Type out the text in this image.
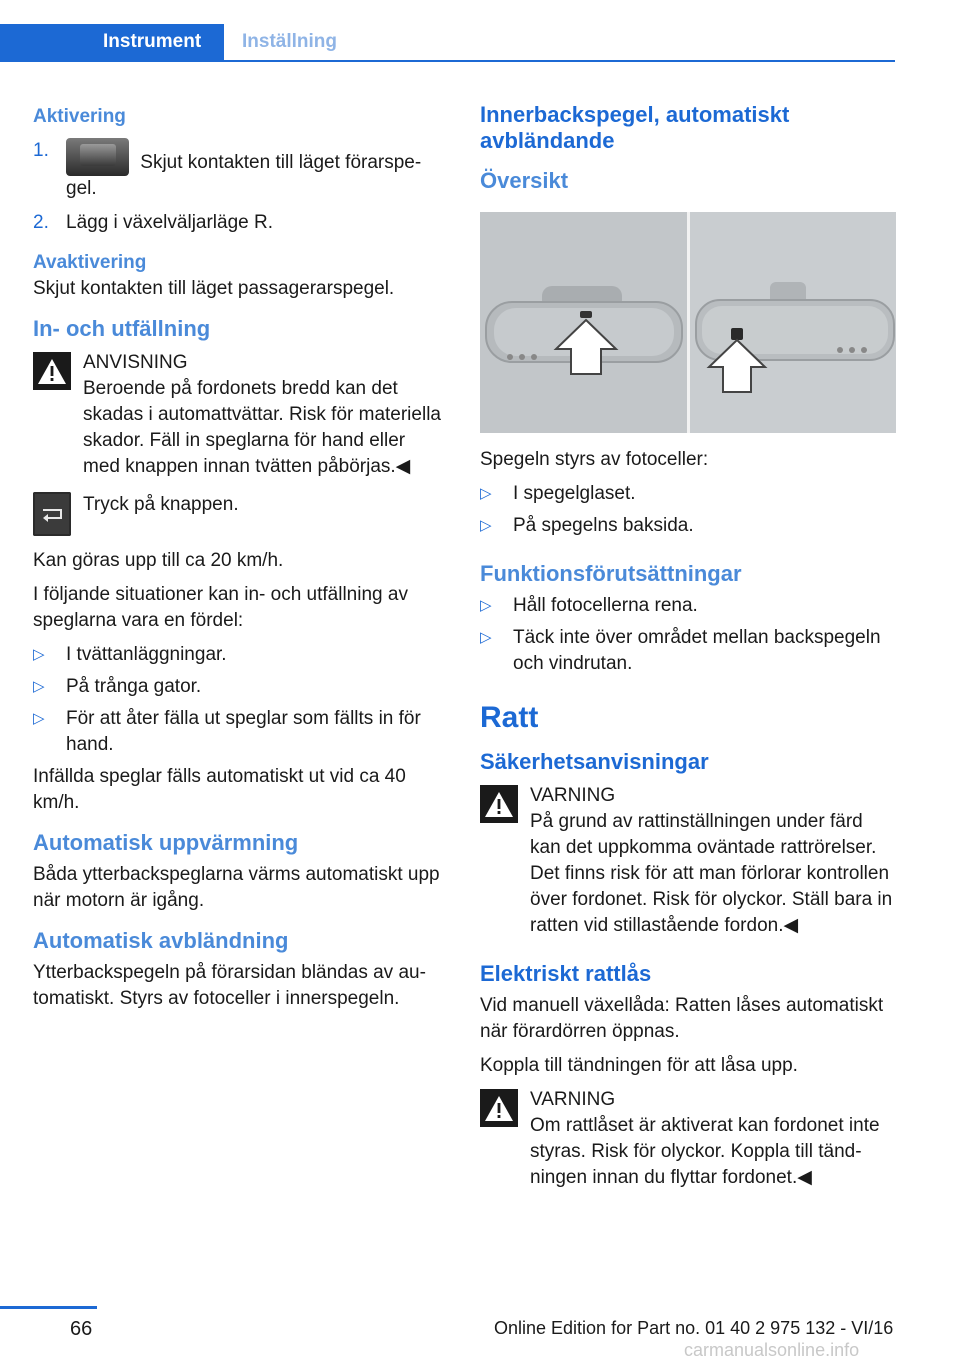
Instrument	Inställning
Aktivering
1.
Skjut kontakten till läget förarspegel.
2. Lägg i växelväljarläge R.
Avaktivering
Skjut kontakten till läget passagerarspegel.
In- och utfällning
ANVISNING
Beroende på fordonets bredd kan det skadas i automattvättar. Risk för materiella skador. Fäll in speglarna för hand eller med knappen innan tvätten påbörjas.◀
Tryck på knappen.
Kan göras upp till ca 20 km/h.
I följande situationer kan in- och utfällning av speglarna vara en fördel:
▷ I tvättanläggningar.
▷ På trånga gator.
▷ För att åter fälla ut speglar som fällts in för hand.
Infällda speglar fälls automatiskt ut vid ca 40 km/h.
Automatisk uppvärmning
Båda ytterbackspeglarna värms automatiskt upp när motorn är igång.
Automatisk avbländning
Ytterbackspegeln på förarsidan bländas av automatiskt. Styrs av fotoceller i innerspegeln.
Innerbackspegel, automatiskt avbländande
Översikt
Spegeln styrs av fotoceller:
▷ I spegelglaset.
▷ På spegelns baksida.
Funktionsförutsättningar
▷ Håll fotocellerna rena.
▷ Täck inte över området mellan backspegeln och vindrutan.
Ratt
Säkerhetsanvisningar
VARNING
På grund av rattinställningen under färd kan det uppkomma oväntade rattrörelser. Det finns risk för att man förlorar kontrollen över fordonet. Risk för olyckor. Ställ bara in ratten vid stillastående fordon.◀
Elektriskt rattlås
Vid manuell växellåda: Ratten låses automatiskt när förardörren öppnas.
Koppla till tändningen för att låsa upp.
VARNING
Om rattlåset är aktiverat kan fordonet inte styras. Risk för olyckor. Koppla till tändningen innan du flyttar fordonet.◀
66	Online Edition for Part no. 01 40 2 975 132 - VI/16
carmanualsonline.info
